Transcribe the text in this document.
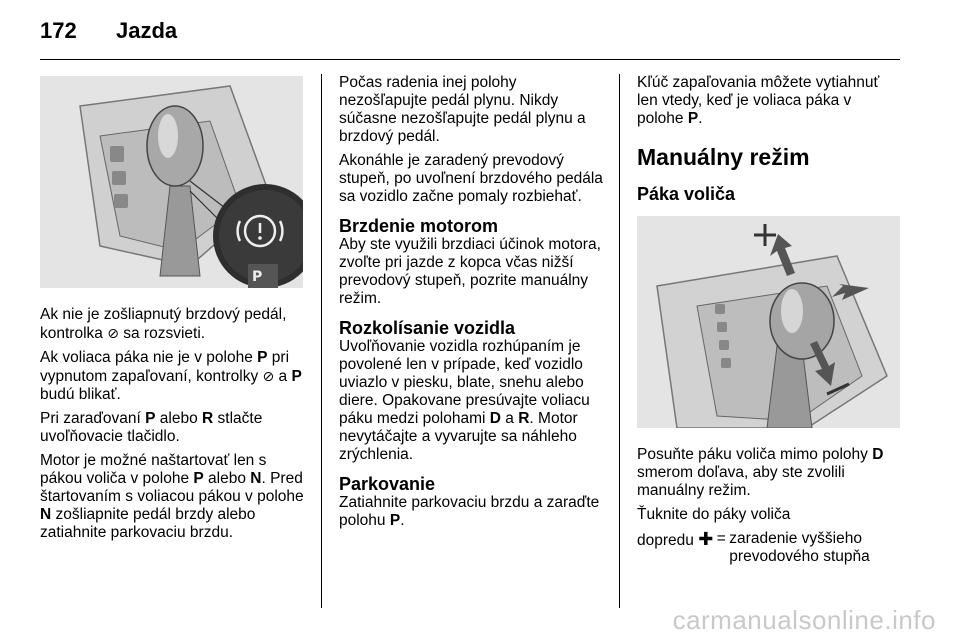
172 Jazda
P

Ak nie je zošliapnutý brzdový pedál, kontrolka ⊘ sa rozsvieti.

Ak voliaca páka nie je v polohe P pri vypnutom zapaľovaní, kontrolky ⊘ a P budú blikať.

Pri zaraďovaní P alebo R stlačte uvoľňovacie tlačidlo.

Motor je možné naštartovať len s pákou voliča v polohe P alebo N. Pred štartovaním s voliacou pákou v polohe N zošliapnite pedál brzdy alebo zatiahnite parkovaciu brzdu.

Počas radenia inej polohy nezošľapujte pedál plynu. Nikdy súčasne nezošľapujte pedál plynu a brzdový pedál.

Akonáhle je zaradený prevodový stupeň, po uvoľnení brzdového pedála sa vozidlo začne pomaly rozbiehať.

Brzdenie motorom

Aby ste využili brzdiaci účinok motora, zvoľte pri jazde z kopca včas nižší prevodový stupeň, pozrite manuálny režim.

Rozkolísanie vozidla

Uvoľňovanie vozidla rozhúpaním je povolené len v prípade, keď vozidlo uviazlo v piesku, blate, snehu alebo diere. Opakovane presúvajte voliacu páku medzi polohami D a R. Motor nevytáčajte a vyvarujte sa náhleho zrýchlenia.

Parkovanie

Zatiahnite parkovaciu brzdu a zaraďte polohu P.

Kľúč zapaľovania môžete vytiahnuť len vtedy, keď je voliaca páka v polohe P.

Manuálny režim
Páka voliča

Posuňte páku voliča mimo polohy D smerom doľava, aby ste zvolili manuálny režim.

Ťuknite do páky voliča

dopredu ✚ = zaradenie vyššieho prevodového stupňa
carmanualsonline.info
